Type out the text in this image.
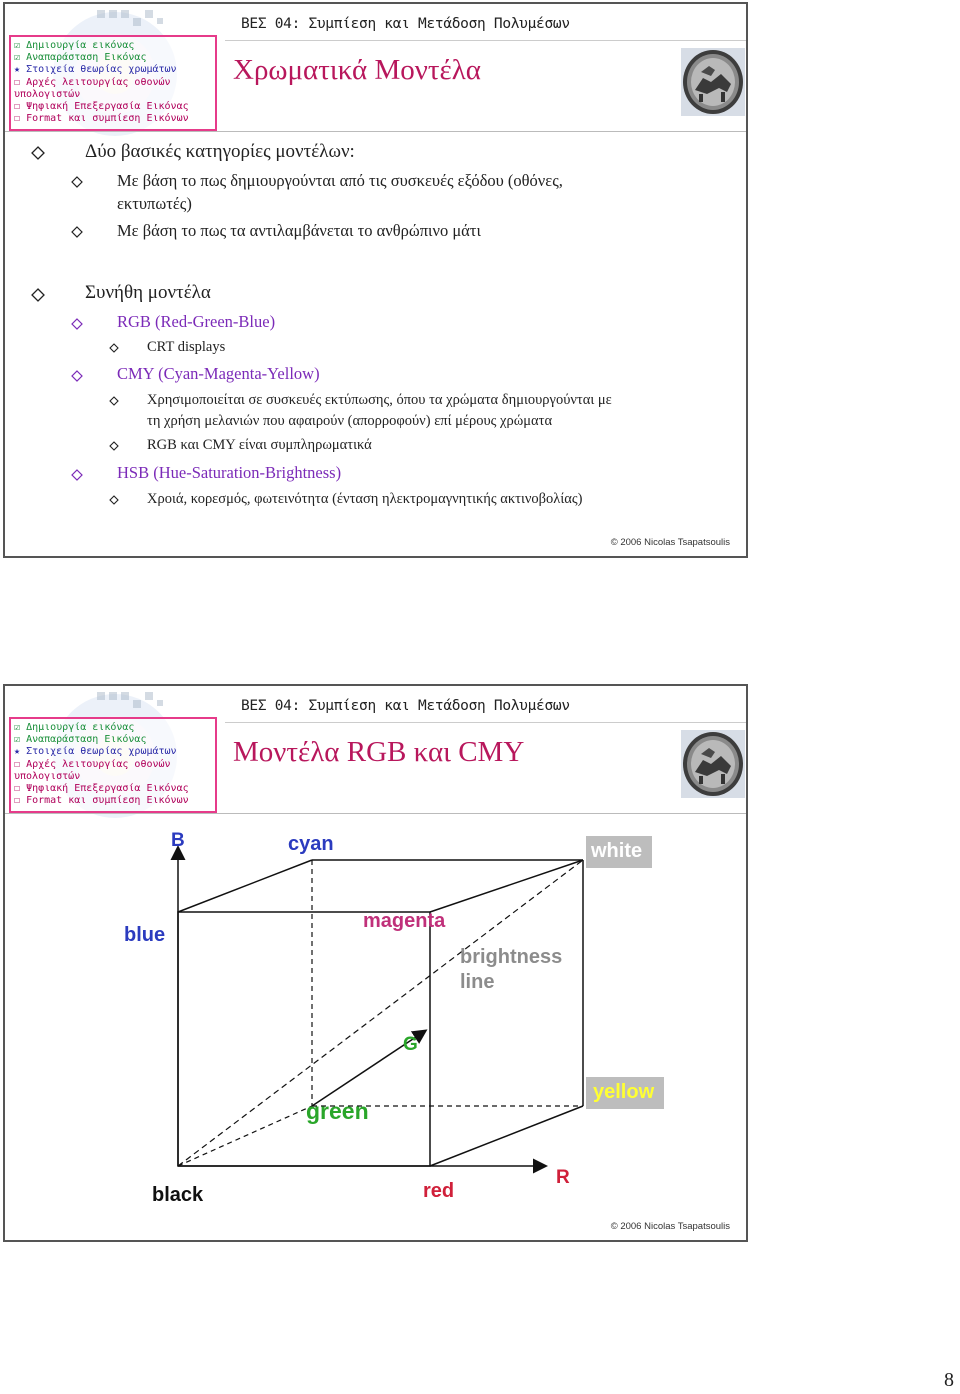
☑ Δημιουργία εικόνας
☑ Αναπαράσταση Εικόνας
★ Στοιχεία θεωρίας χρωμάτων
☐ Αρχές λειτουργίας οθονών
υπολογιστών
☐ Ψηφιακή Επεξεργασία Εικόνας
☐ Format και συμπίεση Εικόνων
ΒΕΣ 04: Συμπίεση και Μετάδοση Πολυμέσων
Χρωματικά Μοντέλα
Δύο βασικές κατηγορίες μοντέλων:
Με βάση το πως δημιουργούνται από τις συσκευές εξόδου (οθόνες,
εκτυπωτές)
Με βάση το πως τα αντιλαμβάνεται το ανθρώπινο μάτι
Συνήθη μοντέλα
RGB (Red-Green-Blue)
CRT displays
CMY (Cyan-Magenta-Yellow)
Χρησιμοποιείται σε συσκευές εκτύπωσης, όπου τα χρώματα δημιουργούνται με
τη χρήση μελανιών που αφαιρούν (απορροφούν) επί μέρους χρώματα
RGB και CMY είναι συμπληρωματικά
HSB (Hue-Saturation-Brightness)
Χροιά, κορεσμός, φωτεινότητα (ένταση ηλεκτρομαγνητικής ακτινοβολίας)
© 2006 Nicolas Tsapatsoulis
☑ Δημιουργία εικόνας
☑ Αναπαράσταση Εικόνας
★ Στοιχεία θεωρίας χρωμάτων
☐ Αρχές λειτουργίας οθονών
υπολογιστών
☐ Ψηφιακή Επεξεργασία Εικόνας
☐ Format και συμπίεση Εικόνων
ΒΕΣ 04: Συμπίεση και Μετάδοση Πολυμέσων
Μοντέλα RGB και CMY
B	cyan	white
blue
magenta
brightness
line
G
green
yellow
black	red
R
© 2006 Nicolas Tsapatsoulis
8
